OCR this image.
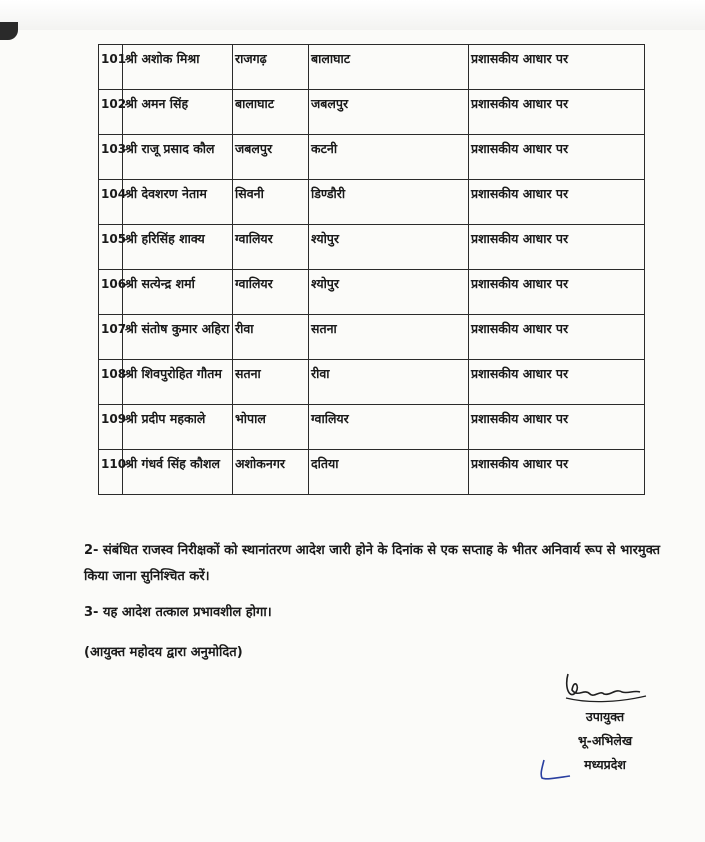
101	श्री अशोक मिश्रा	राजगढ़	बालाघाट	प्रशासकीय आधार पर
102	श्री अमन सिंह	बालाघाट	जबलपुर	प्रशासकीय आधार पर
103	श्री राजू प्रसाद कौल	जबलपुर	कटनी	प्रशासकीय आधार पर
104	श्री देवशरण नेताम	सिवनी	डिण्डौरी	प्रशासकीय आधार पर
105	श्री हरिसिंह शाक्य	ग्वालियर	श्योपुर	प्रशासकीय आधार पर
106	श्री सत्येन्द्र शर्मा	ग्वालियर	श्योपुर	प्रशासकीय आधार पर
107	श्री संतोष कुमार अहिरा	रीवा	सतना	प्रशासकीय आधार पर
108	श्री शिवपुरोहित गौतम	सतना	रीवा	प्रशासकीय आधार पर
109	श्री प्रदीप महकाले	भोपाल	ग्वालियर	प्रशासकीय आधार पर
110	श्री गंधर्व सिंह कौशल	अशोकनगर	दतिया	प्रशासकीय आधार पर
2- संबंधित राजस्व निरीक्षकों को स्थानांतरण आदेश जारी होने के दिनांक से एक सप्ताह के भीतर अनिवार्य रूप से भारमुक्त किया जाना सुनिश्चित करें।
3- यह आदेश तत्काल प्रभावशील होगा।
(आयुक्त महोदय द्वारा अनुमोदित)
उपायुक्त
भू-अभिलेख
मध्यप्रदेश
